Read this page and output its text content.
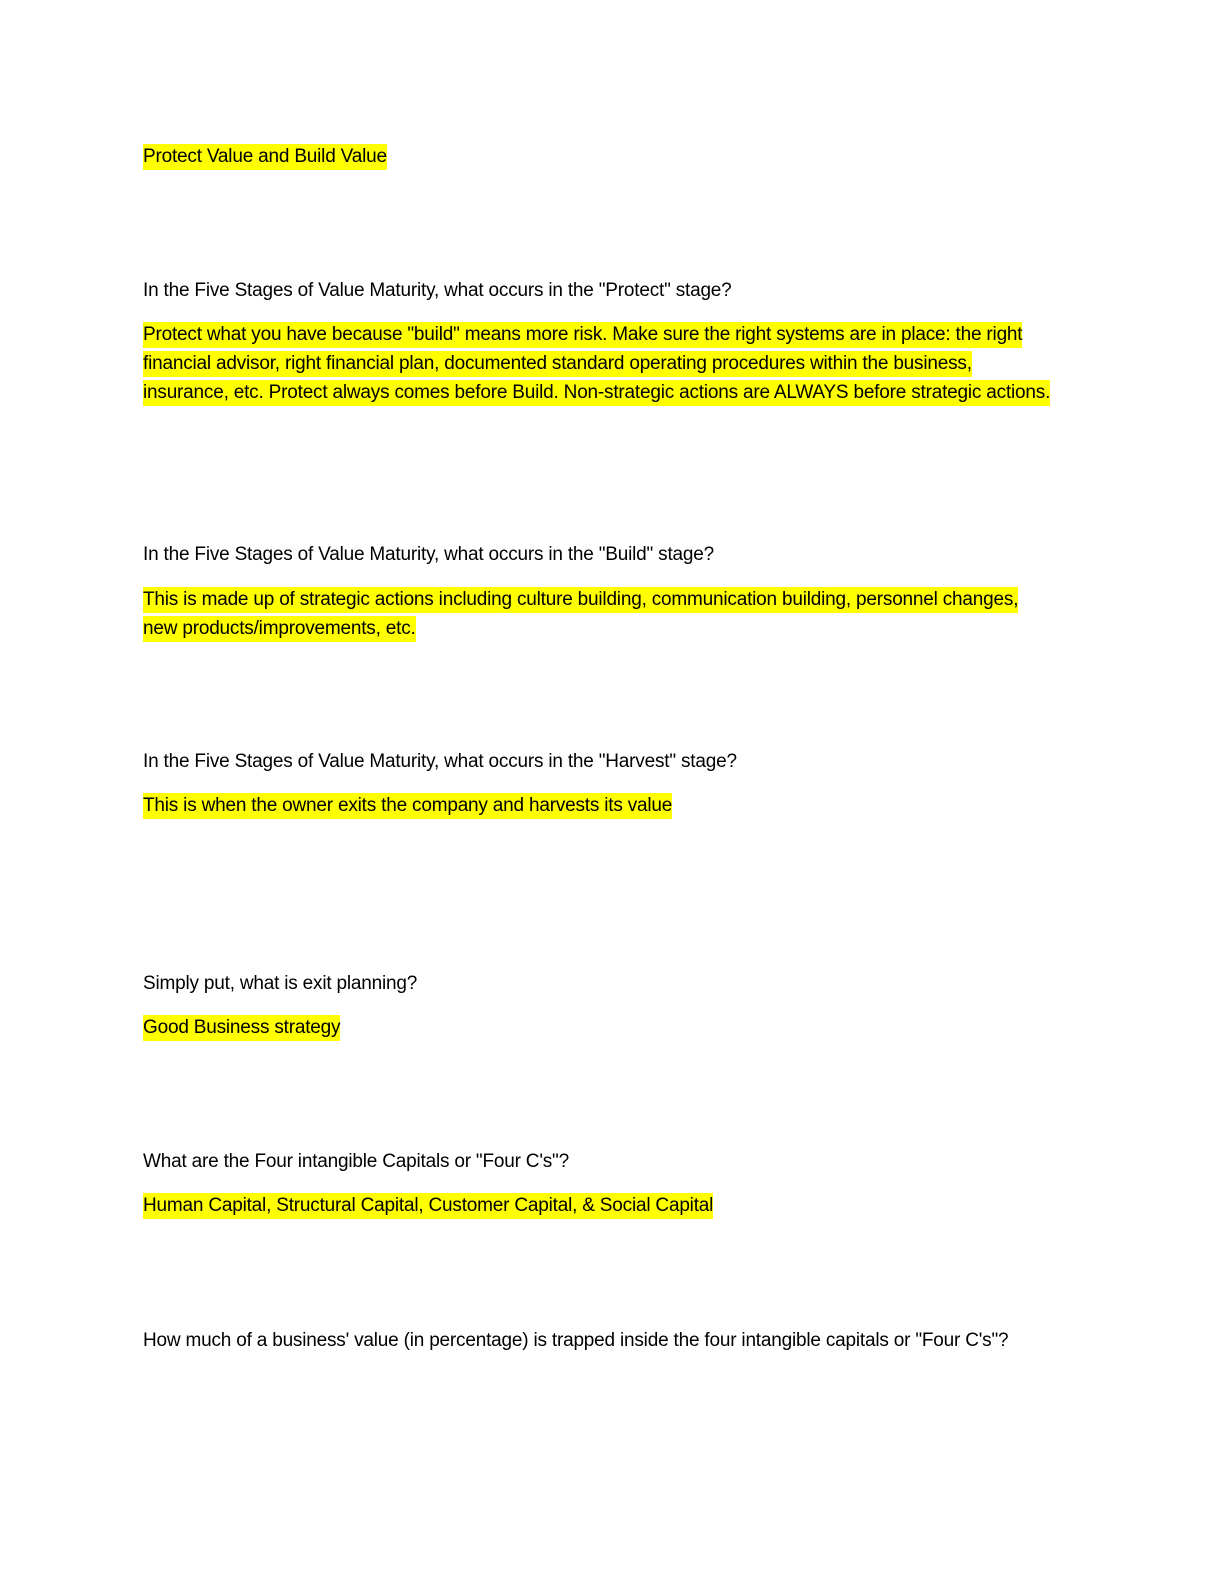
Protect Value and Build Value

In the Five Stages of Value Maturity, what occurs in the "Protect" stage?

Protect what you have because "build" means more risk. Make sure the right systems are in place: the right financial advisor, right financial plan, documented standard operating procedures within the business, insurance, etc. Protect always comes before Build. Non-strategic actions are ALWAYS before strategic actions.

In the Five Stages of Value Maturity, what occurs in the "Build" stage?

This is made up of strategic actions including culture building, communication building, personnel changes, new products/improvements, etc.

In the Five Stages of Value Maturity, what occurs in the "Harvest" stage?

This is when the owner exits the company and harvests its value

Simply put, what is exit planning?

Good Business strategy

What are the Four intangible Capitals or "Four C's"?

Human Capital, Structural Capital, Customer Capital, & Social Capital

How much of a business' value (in percentage) is trapped inside the four intangible capitals or "Four C's"?
